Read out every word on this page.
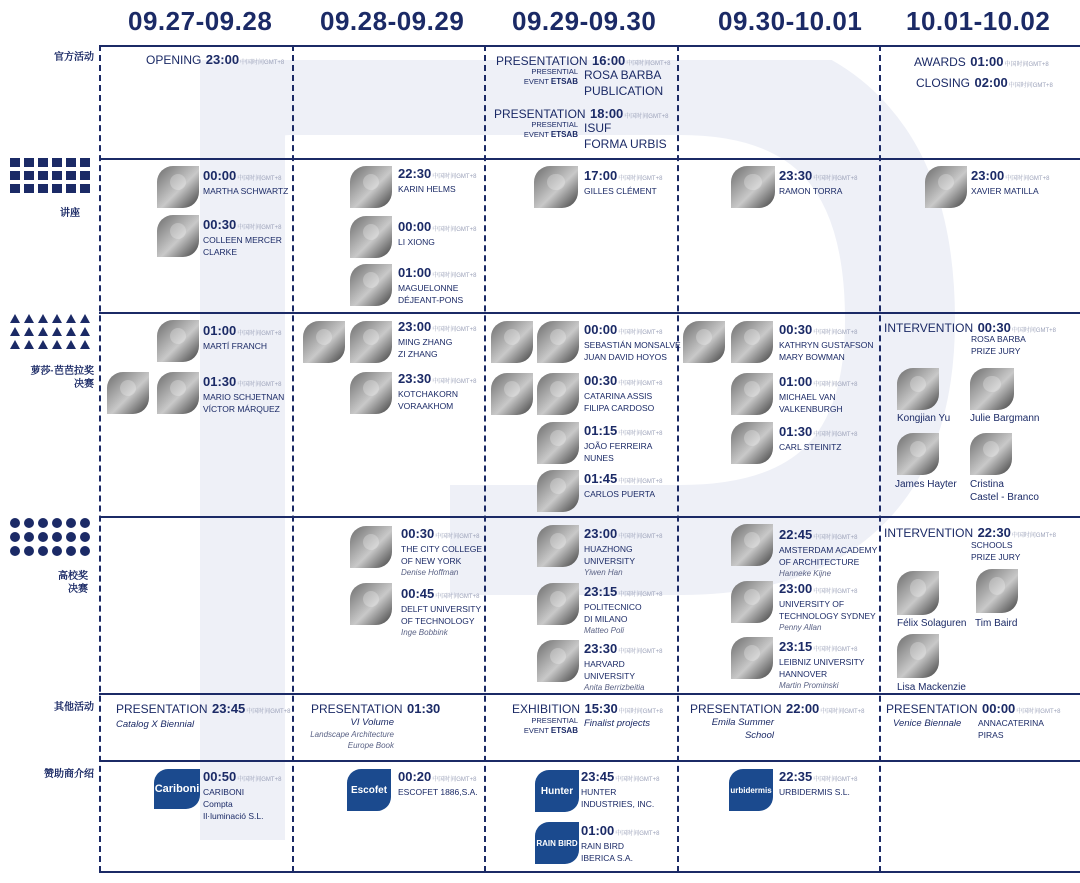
09.27-09.28 09.28-09.29 09.29-09.30 09.30-10.01 10.01-10.02
官方活动
讲座
萝莎·芭芭拉奖
决赛
高校奖
决赛
其他活动
赞助商介绍
OPENING 23:00中国时间GMT+8	PRESENTATION 16:00中国时间GMT+8
PRESENTIAL
EVENT ETSAB ROSA BARBA
PUBLICATION
PRESENTATION 18:00中国时间GMT+8
PRESENTIAL
EVENT ETSAB ISUF
FORMA URBIS
AWARDS 01:00中国时间GMT+8
CLOSING 02:00中国时间GMT+8
00:00中国时间GMT+8
MARTHA SCHWARTZ
00:30中国时间GMT+8
COLLEEN MERCER
CLARKE
22:30中国时间GMT+8
KARIN HELMS
00:00中国时间GMT+8
LI XIONG
01:00中国时间GMT+8
MAGUELONNE
DÉJEANT-PONS
17:00中国时间GMT+8
GILLES CLÉMENT
23:30中国时间GMT+8
RAMON TORRA
23:00中国时间GMT+8
XAVIER MATILLA
01:00中国时间GMT+8
MARTÍ FRANCH
01:30中国时间GMT+8
MARIO SCHJETNAN
VÍCTOR MÁRQUEZ
23:00中国时间GMT+8
MING ZHANG
ZI ZHANG
23:30中国时间GMT+8
KOTCHAKORN
VORAAKHOM
00:00中国时间GMT+8
SEBASTIÁN MONSALVE
JUAN DAVID HOYOS
00:30中国时间GMT+8
CATARINA ASSIS
FILIPA CARDOSO
01:15中国时间GMT+8
JOÃO FERREIRA
NUNES
01:45中国时间GMT+8
CARLOS PUERTA
00:30中国时间GMT+8
KATHRYN GUSTAFSON
MARY BOWMAN
01:00中国时间GMT+8
MICHAEL VAN
VALKENBURGH
01:30中国时间GMT+8
CARL STEINITZ
INTERVENTION 00:30中国时间GMT+8
ROSA BARBA
PRIZE JURY
Kongjian Yu Julie Bargmann
James Hayter Cristina
Castel - Branco
00:30中国时间GMT+8
THE CITY COLLEGE
OF NEW YORK
Denise Hoffman
00:45中国时间GMT+8
DELFT UNIVERSITY
OF TECHNOLOGY
Inge Bobbink
23:00中国时间GMT+8
HUAZHONG
UNIVERSITY
Yiwen Han
23:15中国时间GMT+8
POLITECNICO
DI MILANO
Matteo Poli
23:30中国时间GMT+8
HARVARD
UNIVERSITY
Anita Berrizbeitia
22:45中国时间GMT+8
AMSTERDAM ACADEMY
OF ARCHITECTURE
Hanneke Kijne
23:00中国时间GMT+8
UNIVERSITY OF
TECHNOLOGY SYDNEY
Penny Allan
23:15中国时间GMT+8
LEIBNIZ UNIVERSITY
HANNOVER
Martin Prominski
INTERVENTION 22:30中国时间GMT+8
SCHOOLS
PRIZE JURY
Félix Solaguren Tim Baird
Lisa Mackenzie
PRESENTATION 23:45中国时间GMT+8
Catalog X Biennial
PRESENTATION 01:30
VI Volume
Landscape Architecture
Europe Book
EXHIBITION 15:30中国时间GMT+8
PRESENTIAL
EVENT ETSAB
Finalist projects
PRESENTATION 22:00中国时间GMT+8
Emila Summer
School
PRESENTATION 00:00中国时间GMT+8
Venice Biennale ANNACATERINA
PIRAS
Cariboni
00:50中国时间GMT+8
CARIBONI
Compta
Il·luminació S.L.
Escofet
00:20中国时间GMT+8
ESCOFET 1886,S.A.	Hunter
23:45中国时间GMT+8
HUNTER
INDUSTRIES, INC.
RAIN BIRD
01:00中国时间GMT+8
RAIN BIRD
IBERICA S.A.
urbidermis
22:35中国时间GMT+8
URBIDERMIS S.L.
